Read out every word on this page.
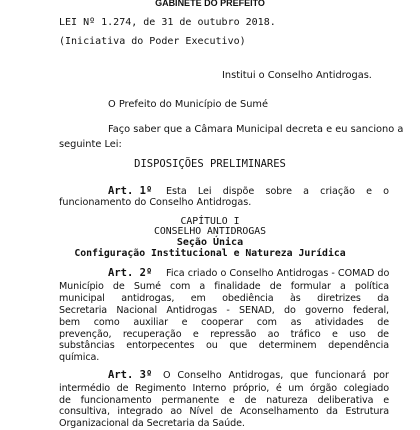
GABINETE DO PREFEITO
LEI Nº 1.274, de 31 de outubro 2018.
(Iniciativa do Poder Executivo)
Institui o Conselho Antidrogas.
O Prefeito do Município de Sumé
Faço saber que a Câmara Municipal decreta e eu sanciono a
seguinte Lei:
DISPOSIÇÕES PRELIMINARES
Art. 1º Esta Lei dispõe sobre a criação e o
funcionamento do Conselho Antidrogas.
CAPÍTULO I
CONSELHO ANTIDROGAS
Seção Única
Configuração Institucional e Natureza Jurídica
Art. 2º Fica criado o Conselho Antidrogas - COMAD do
Município de Sumé com a finalidade de formular a política
municipal antidrogas, em obediência às diretrizes da
Secretaria Nacional Antidrogas - SENAD, do governo federal,
bem como auxiliar e cooperar com as atividades de
prevenção, recuperação e repressão ao tráfico e uso de
substâncias entorpecentes ou que determinem dependência
química.
Art. 3º O Conselho Antidrogas, que funcionará por
intermédio de Regimento Interno próprio, é um órgão colegiado
de funcionamento permanente e de natureza deliberativa e
consultiva, integrado ao Nível de Aconselhamento da Estrutura
Organizacional da Secretaria da Saúde.
